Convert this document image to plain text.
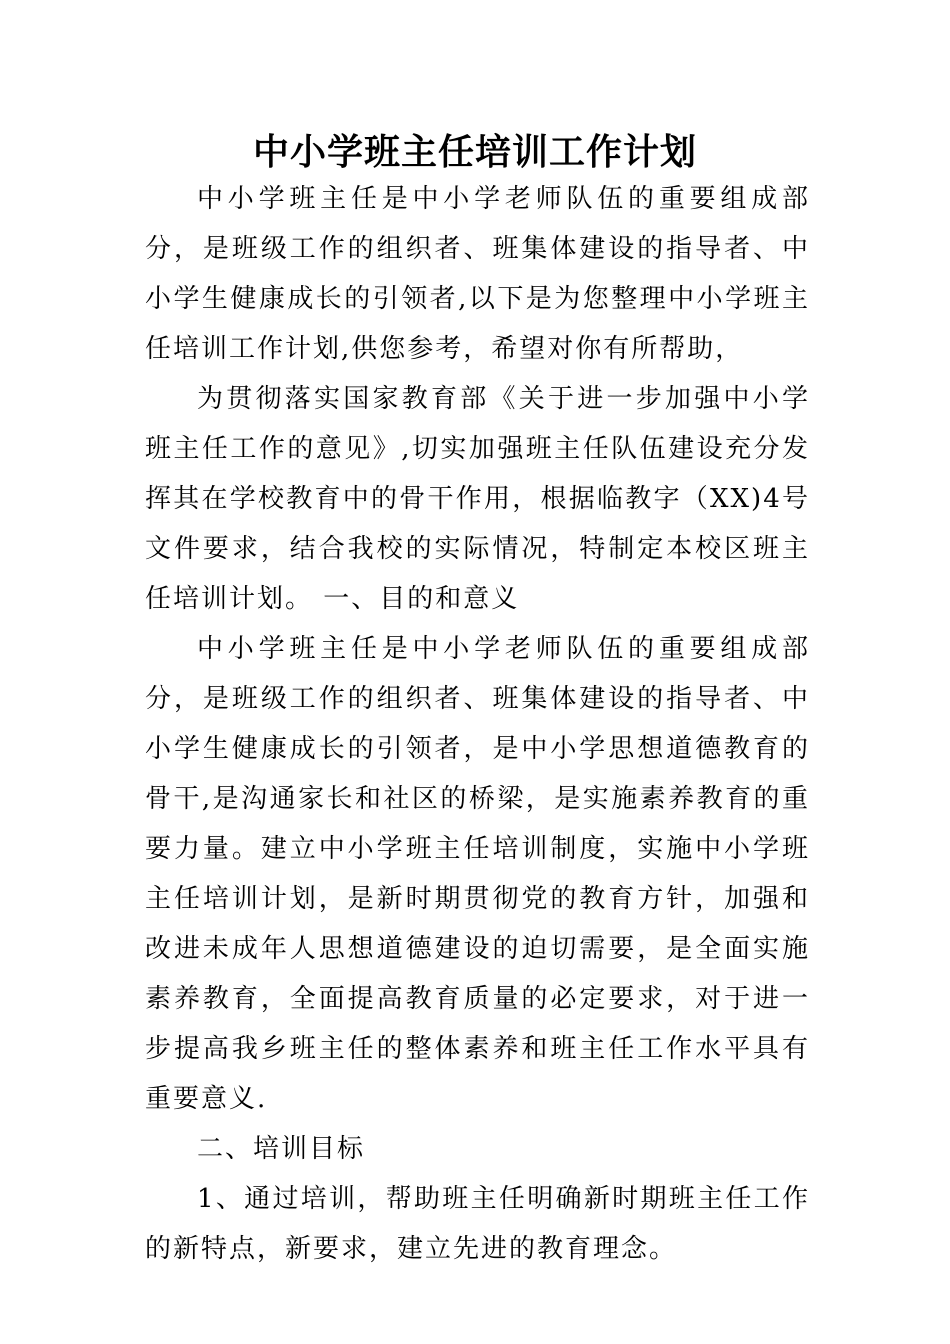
中小学班主任培训工作计划

中小学班主任是中小学老师队伍的重要组成部分，是班级工作的组织者、班集体建设的指导者、中小学生健康成长的引领者,以下是为您整理中小学班主任培训工作计划,供您参考，希望对你有所帮助，

为贯彻落实国家教育部《关于进一步加强中小学班主任工作的意见》,切实加强班主任队伍建设充分发挥其在学校教育中的骨干作用，根据临教字（XX)4号文件要求，结合我校的实际情况，特制定本校区班主任培训计划。 一、目的和意义

中小学班主任是中小学老师队伍的重要组成部分，是班级工作的组织者、班集体建设的指导者、中小学生健康成长的引领者，是中小学思想道德教育的骨干,是沟通家长和社区的桥梁，是实施素养教育的重要力量。建立中小学班主任培训制度，实施中小学班主任培训计划，是新时期贯彻党的教育方针，加强和改进未成年人思想道德建设的迫切需要，是全面实施素养教育，全面提高教育质量的必定要求，对于进一步提高我乡班主任的整体素养和班主任工作水平具有重要意义.

二、培训目标

1、通过培训，帮助班主任明确新时期班主任工作的新特点，新要求，建立先进的教育理念。
